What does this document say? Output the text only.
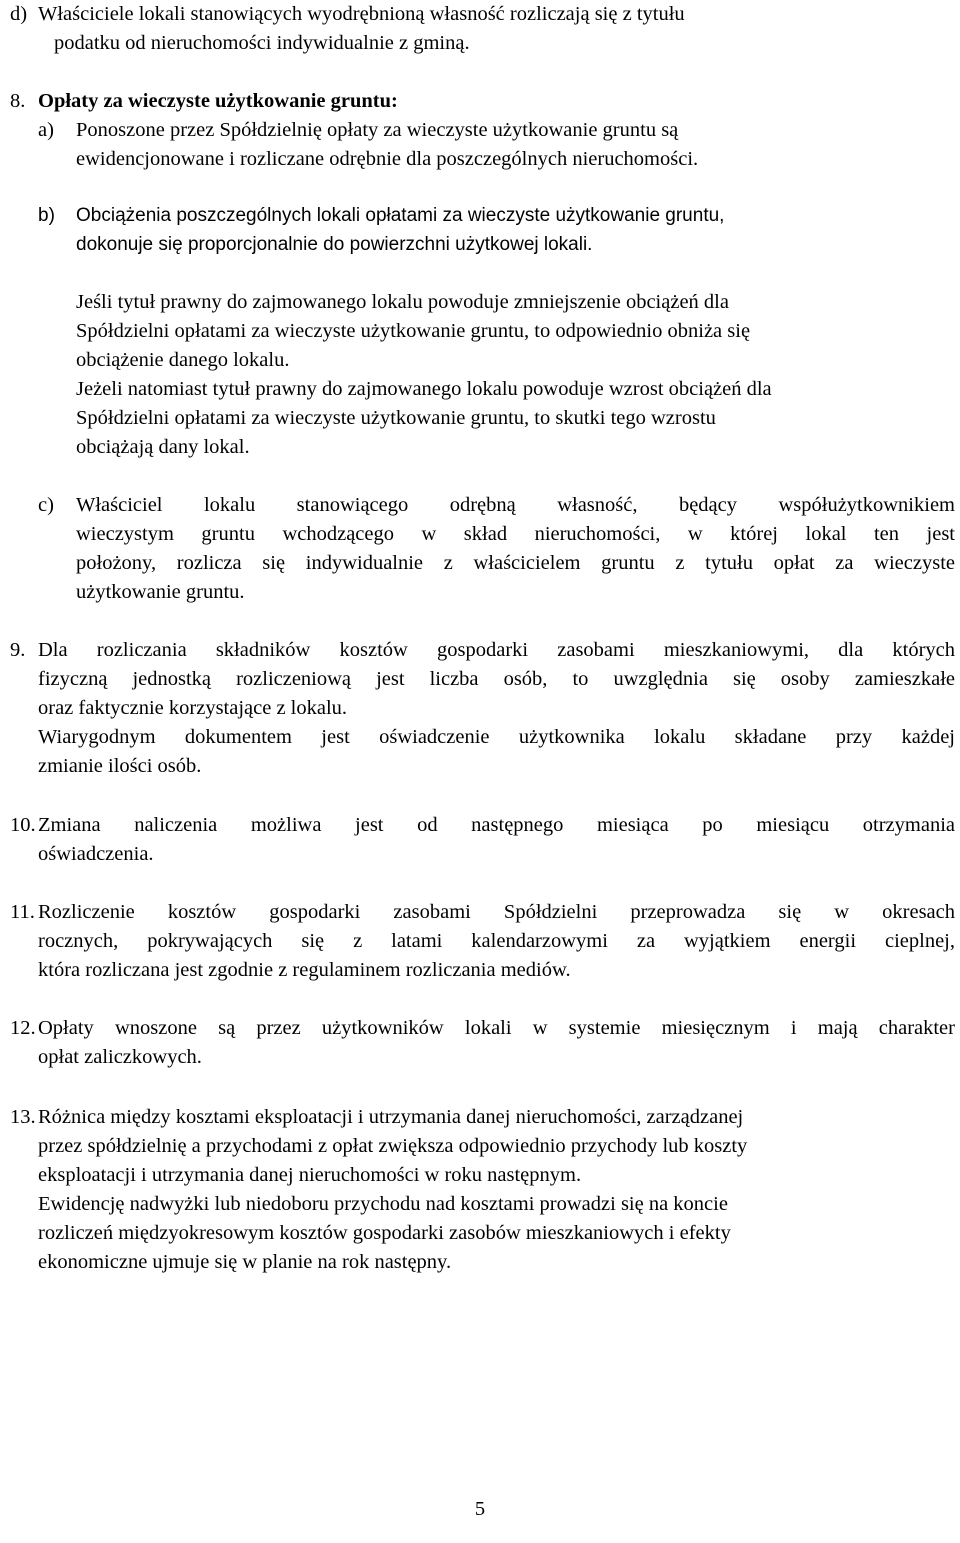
d) Właściciele lokali stanowiących wyodrębnioną własność rozliczają się z tytułu
podatku od nieruchomości indywidualnie z gminą.
8. Opłaty za wieczyste użytkowanie gruntu:
a) Ponoszone przez Spółdzielnię opłaty za wieczyste użytkowanie gruntu są
ewidencjonowane i rozliczane odrębnie dla poszczególnych nieruchomości.
b) Obciążenia poszczególnych lokali opłatami za wieczyste użytkowanie gruntu,
dokonuje się proporcjonalnie do powierzchni użytkowej lokali.
Jeśli tytuł prawny do zajmowanego lokalu powoduje zmniejszenie obciążeń dla
Spółdzielni opłatami za wieczyste użytkowanie gruntu, to odpowiednio obniża się
obciążenie danego lokalu.
Jeżeli natomiast tytuł prawny do zajmowanego lokalu powoduje wzrost obciążeń dla
Spółdzielni opłatami za wieczyste użytkowanie gruntu, to skutki tego wzrostu
obciążają dany lokal.
c) Właściciel lokalu stanowiącego odrębną własność, będący współużytkownikiem
wieczystym gruntu wchodzącego w skład nieruchomości, w której lokal ten jest
położony, rozlicza się indywidualnie z właścicielem gruntu z tytułu opłat za wieczyste
użytkowanie gruntu.
9. Dla rozliczania składników kosztów gospodarki zasobami mieszkaniowymi, dla których
fizyczną jednostką rozliczeniową jest liczba osób, to uwzględnia się osoby zamieszkałe
oraz faktycznie korzystające z lokalu.
Wiarygodnym dokumentem jest oświadczenie użytkownika lokalu składane przy każdej
zmianie ilości osób.
10. Zmiana naliczenia możliwa jest od następnego miesiąca po miesiącu otrzymania
oświadczenia.
11. Rozliczenie kosztów gospodarki zasobami Spółdzielni przeprowadza się w okresach
rocznych, pokrywających się z latami kalendarzowymi za wyjątkiem energii cieplnej,
która rozliczana jest zgodnie z regulaminem rozliczania mediów.
12. Opłaty wnoszone są przez użytkowników lokali w systemie miesięcznym i mają charakter
opłat zaliczkowych.
13. Różnica między kosztami eksploatacji i utrzymania danej nieruchomości, zarządzanej
przez spółdzielnię a przychodami z opłat zwiększa odpowiednio przychody lub koszty
eksploatacji i utrzymania danej nieruchomości w roku następnym.
Ewidencję nadwyżki lub niedoboru przychodu nad kosztami prowadzi się na koncie
rozliczeń międzyokresowym kosztów gospodarki zasobów mieszkaniowych i efekty
ekonomiczne ujmuje się w planie na rok następny.
5
